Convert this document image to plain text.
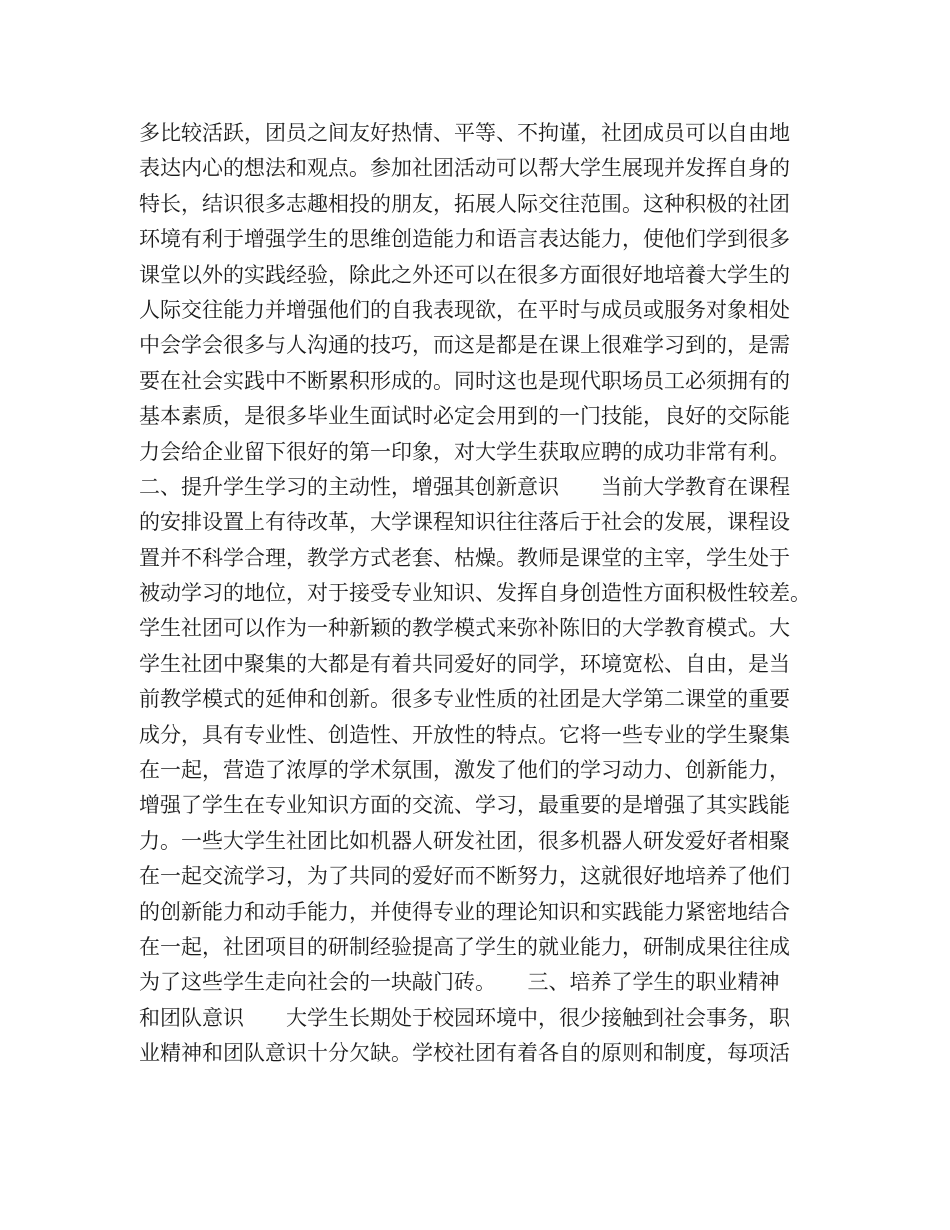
多比较活跃，团员之间友好热情、平等、不拘谨，社团成员可以自由地
表达内心的想法和观点。参加社团活动可以帮大学生展现并发挥自身的
特长，结识很多志趣相投的朋友，拓展人际交往范围。这种积极的社团
环境有利于增强学生的思维创造能力和语言表达能力，使他们学到很多
课堂以外的实践经验，除此之外还可以在很多方面很好地培養大学生的
人际交往能力并增强他们的自我表现欲，在平时与成员或服务对象相处
中会学会很多与人沟通的技巧，而这是都是在课上很难学习到的，是需
要在社会实践中不断累积形成的。同时这也是现代职场员工必须拥有的
基本素质，是很多毕业生面试时必定会用到的一门技能，良好的交际能
力会给企业留下很好的第一印象，对大学生获取应聘的成功非常有利。
二、提升学生学习的主动性，增强其创新意识　　当前大学教育在课程
的安排设置上有待改革，大学课程知识往往落后于社会的发展，课程设
置并不科学合理，教学方式老套、枯燥。教师是课堂的主宰，学生处于
被动学习的地位，对于接受专业知识、发挥自身创造性方面积极性较差。
学生社团可以作为一种新颖的教学模式来弥补陈旧的大学教育模式。大
学生社团中聚集的大都是有着共同爱好的同学，环境宽松、自由，是当
前教学模式的延伸和创新。很多专业性质的社团是大学第二课堂的重要
成分，具有专业性、创造性、开放性的特点。它将一些专业的学生聚集
在一起，营造了浓厚的学术氛围，激发了他们的学习动力、创新能力，
增强了学生在专业知识方面的交流、学习，最重要的是增强了其实践能
力。一些大学生社团比如机器人研发社团，很多机器人研发爱好者相聚
在一起交流学习，为了共同的爱好而不断努力，这就很好地培养了他们
的创新能力和动手能力，并使得专业的理论知识和实践能力紧密地结合
在一起，社团项目的研制经验提高了学生的就业能力，研制成果往往成
为了这些学生走向社会的一块敲门砖。　　三、培养了学生的职业精神
和团队意识　　大学生长期处于校园环境中，很少接触到社会事务，职
业精神和团队意识十分欠缺。学校社团有着各自的原则和制度，每项活
